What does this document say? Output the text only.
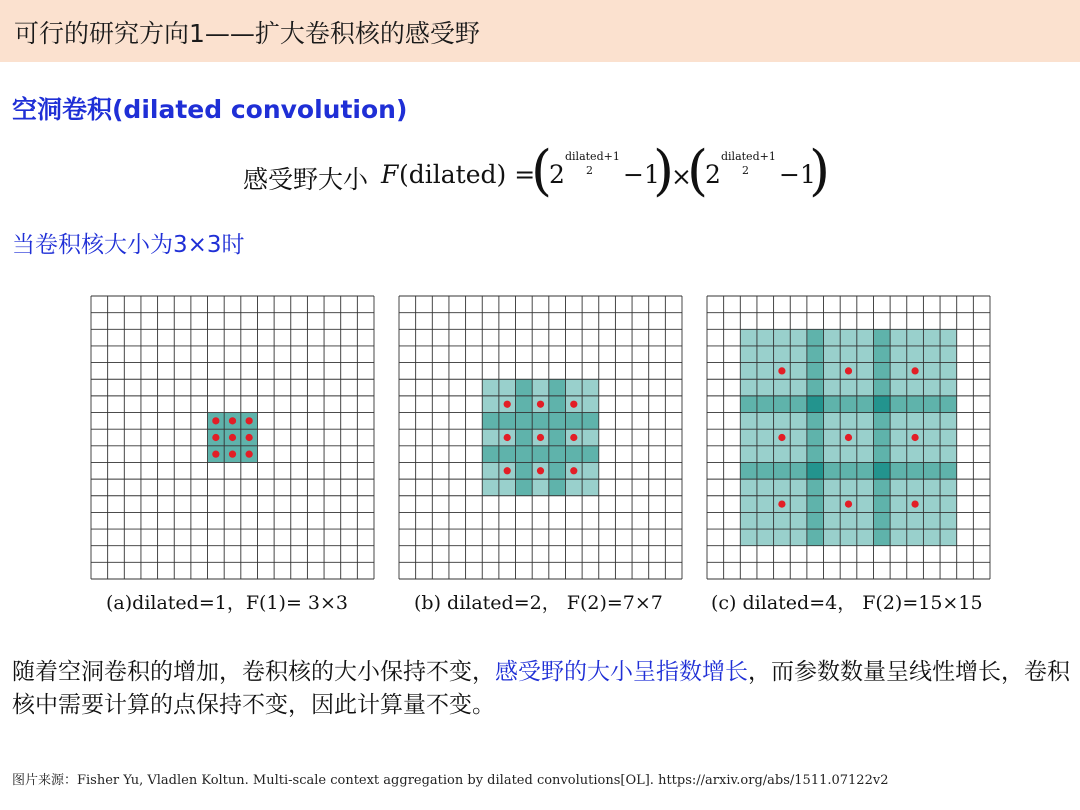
可行的研究方向1——扩大卷积核的感受野
空洞卷积(dilated convolution)
感受野大小 F (dilated) =
(
2
dilated+1
2 −1
)
×
(
2
dilated+1
2 −1
)
当卷积核大小为3×3时
(a)dilated=1，F(1)= 3×3	(b) dilated=2， F(2)=7×7	(c) dilated=4， F(2)=15×15
随着空洞卷积的增加，卷积核的大小保持不变，感受野的大小呈指数增长，而参数数量呈线性增长，卷积核中需要计算的点保持不变，因此计算量不变。
图片来源：Fisher Yu, Vladlen Koltun. Multi-scale context aggregation by dilated convolutions[OL]. https://arxiv.org/abs/1511.07122v2
